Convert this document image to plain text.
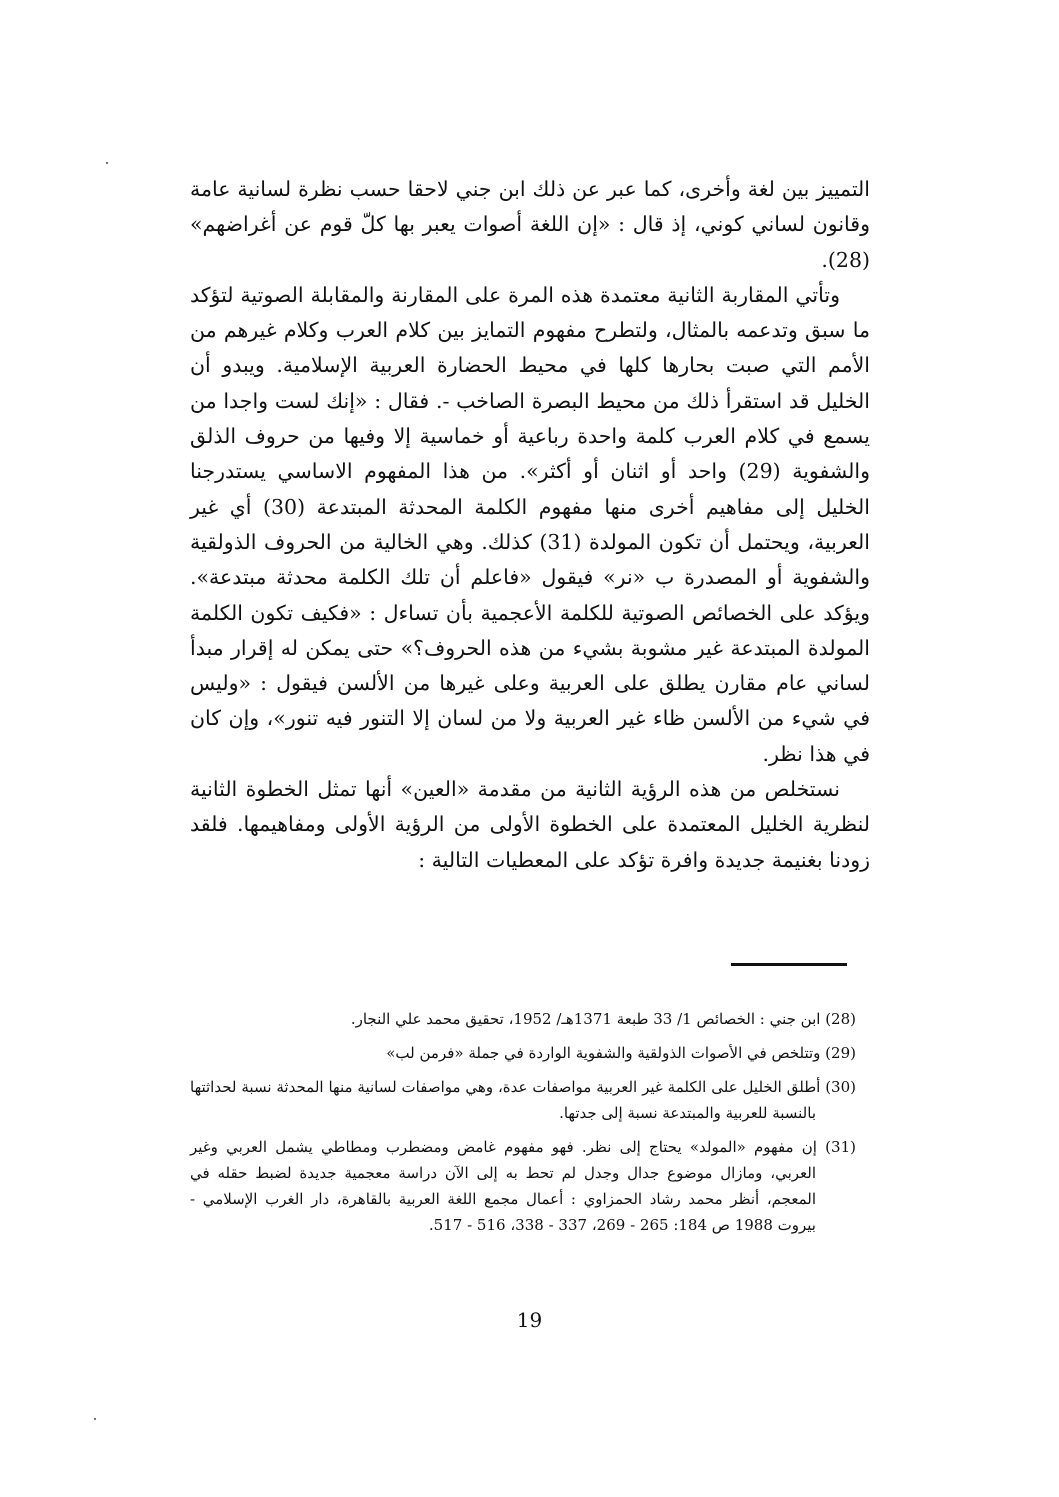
التمييز بين لغة وأخرى، كما عبر عن ذلك ابن جني لاحقا حسب نظرة لسانية عامة وقانون لساني كوني، إذ قال : «إن اللغة أصوات يعبر بها كلّ قوم عن أغراضهم» (28).

وتأتي المقاربة الثانية معتمدة هذه المرة على المقارنة والمقابلة الصوتية لتؤكد ما سبق وتدعمه بالمثال، ولتطرح مفهوم التمايز بين كلام العرب وكلام غيرهم من الأمم التي صبت بحارها كلها في محيط الحضارة العربية الإسلامية. ويبدو أن الخليل قد استقرأ ذلك من محيط البصرة الصاخب -. فقال : «إنك لست واجدا من يسمع في كلام العرب كلمة واحدة رباعية أو خماسية إلا وفيها من حروف الذلق والشفوية (29) واحد أو اثنان أو أكثر». من هذا المفهوم الاساسي يستدرجنا الخليل إلى مفاهيم أخرى منها مفهوم الكلمة المحدثة المبتدعة (30) أي غير العربية، ويحتمل أن تكون المولدة (31) كذلك. وهي الخالية من الحروف الذولقية والشفوية أو المصدرة ب «نر» فيقول «فاعلم أن تلك الكلمة محدثة مبتدعة». ويؤكد على الخصائص الصوتية للكلمة الأعجمية بأن تساءل : «فكيف تكون الكلمة المولدة المبتدعة غير مشوبة بشيء من هذه الحروف؟» حتى يمكن له إقرار مبدأ لساني عام مقارن يطلق على العربية وعلى غيرها من الألسن فيقول : «وليس في شيء من الألسن ظاء غير العربية ولا من لسان إلا التنور فيه تنور»، وإن كان في هذا نظر.

نستخلص من هذه الرؤية الثانية من مقدمة «العين» أنها تمثل الخطوة الثانية لنظرية الخليل المعتمدة على الخطوة الأولى من الرؤية الأولى ومفاهيمها. فلقد زودنا بغنيمة جديدة وافرة تؤكد على المعطيات التالية :

(28) ابن جني : الخصائص 1/ 33 طبعة 1371هـ/ 1952، تحقيق محمد علي النجار.

(29) وتتلخص في الأصوات الذولقية والشفوية الواردة في جملة «فرمن لب»

(30) أطلق الخليل على الكلمة غير العربية مواصفات عدة، وهي مواصفات لسانية منها المحدثة نسبة لحداثتها بالنسبة للعربية والمبتدعة نسبة إلى جدتها.

(31) إن مفهوم «المولد» يحتاج إلى نظر. فهو مفهوم غامض ومضطرب ومطاطي يشمل العربي وغير العربي، ومازال موضوع جدال وجدل لم تحط به إلى الآن دراسة معجمية جديدة لضبط حقله في المعجم، أنظر محمد رشاد الحمزاوي : أعمال مجمع اللغة العربية بالقاهرة، دار الغرب الإسلامي - بيروت 1988 ص 184: 265 - 269، 337 - 338، 516 - 517.

19
